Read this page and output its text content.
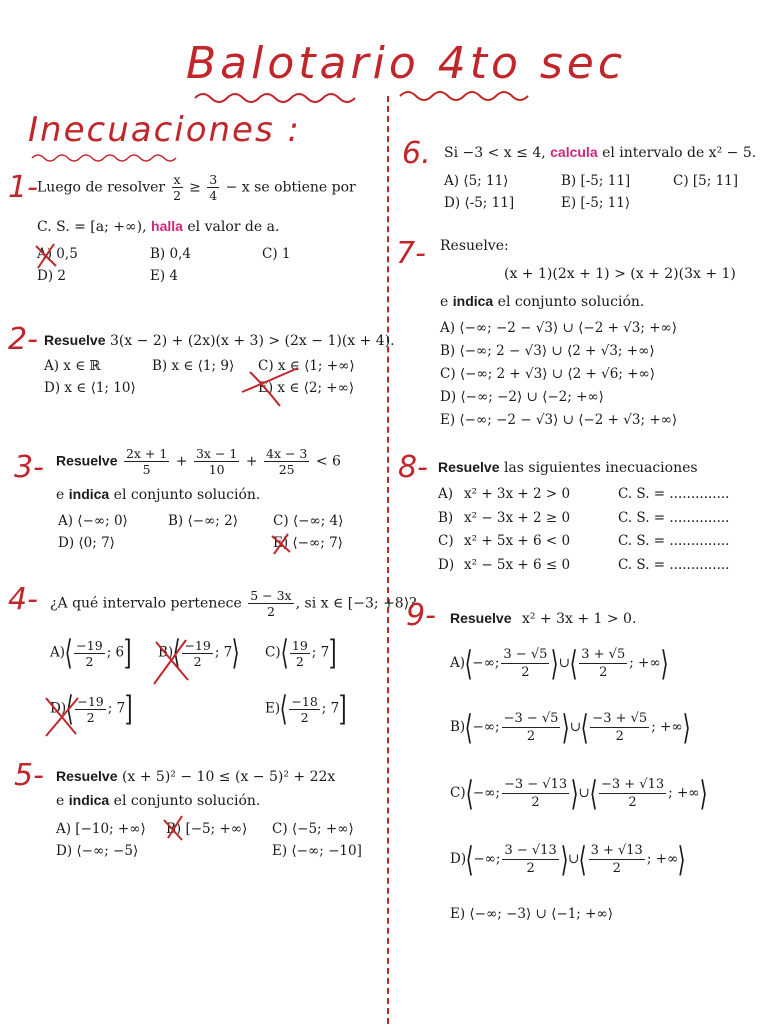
Balotario 4to sec
Inecuaciones :
1- Luego de resolver $\frac{x}{2} \ge \frac{3}{4} - x$ se obtiene por
C. S. = [a; +∞), halla el valor de a.
A) 0,5	B) 0,4	C) 1
D) 2	E) 4
2- Resuelve 3(x − 2) + (2x)(x + 3) > (2x − 1)(x + 4).
A) x ∈ ℝ	B) x ∈ ⟨1; 9⟩ C) x ∈ ⟨1; +∞⟩
D) x ∈ ⟨1; 10⟩	E) x ∈ ⟨2; +∞⟩
3- Resuelve $\frac{2x + 1}{5} + \frac{3x - 1}{10} + \frac{4x - 3}{25} < 6$
e indica el conjunto solución.
A) ⟨−∞; 0⟩	B) ⟨−∞; 2⟩	C) ⟨−∞; 4⟩
D) ⟨0; 7⟩	E) ⟨−∞; 7⟩
4- ¿A qué intervalo pertenece $\frac{5 - 3x}{2}$ , si x ∈ [−3; +8⟩?
A)⟨ $\frac{-19}{2}$ ; 6] B)⟨ $\frac{-19}{2}$ ; 7⟩ C)⟨ $\frac{19}{2}$ ; 7]
D)⟨ $\frac{-19}{2}$ ; 7]	E)⟨ $\frac{-18}{2}$ ; 7]
5- Resuelve (x + 5)² − 10 ≤ (x − 5)² + 22x
e indica el conjunto solución.
A) [−10; +∞⟩ B) [−5; +∞⟩ C) ⟨−5; +∞⟩
D) ⟨−∞; −5⟩	E) ⟨−∞; −10]
6. Si −3 < x ≤ 4, calcula el intervalo de x² − 5.
A) ⟨5; 11⟩	B) [-5; 11]	C) [5; 11]
D) ⟨-5; 11]	E) [-5; 11⟩
7- Resuelve:
(x + 1)(2x + 1) > (x + 2)(3x + 1)
e indica el conjunto solución.
A) ⟨−∞; −2 − √3⟩ ∪ ⟨−2 + √3; +∞⟩
B) ⟨−∞; 2 − √3⟩ ∪ ⟨2 + √3; +∞⟩
C) ⟨−∞; 2 + √3⟩ ∪ ⟨2 + √6; +∞⟩
D) ⟨−∞; −2⟩ ∪ ⟨−2; +∞⟩
E) ⟨−∞; −2 − √3⟩ ∪ ⟨−2 + √3; +∞⟩
8- Resuelve las siguientes inecuaciones
A) x² + 3x + 2 > 0	C. S. = ..............
B) x² − 3x + 2 ≥ 0	C. S. = ..............
C) x² + 5x + 6 < 0	C. S. = ..............
D) x² − 5x + 6 ≤ 0	C. S. = ..............
9- Resuelve x² + 3x + 1 > 0.
A)⟨−∞; $\frac{3 - √5}{2}$ ⟩∪⟨ $\frac{3 + √5}{2}$ ; +∞⟩
B)⟨−∞; $\frac{-3 - √5}{2}$ ⟩∪⟨ $\frac{-3 + √5}{2}$ ; +∞⟩
C)⟨−∞; $\frac{-3 - √13}{2}$ ⟩∪⟨ $\frac{-3 + √13}{2}$ ; +∞⟩
D)⟨−∞; $\frac{3 - √13}{2}$ ⟩∪⟨ $\frac{3 + √13}{2}$ ; +∞⟩
E) ⟨−∞; −3⟩ ∪ ⟨−1; +∞⟩
